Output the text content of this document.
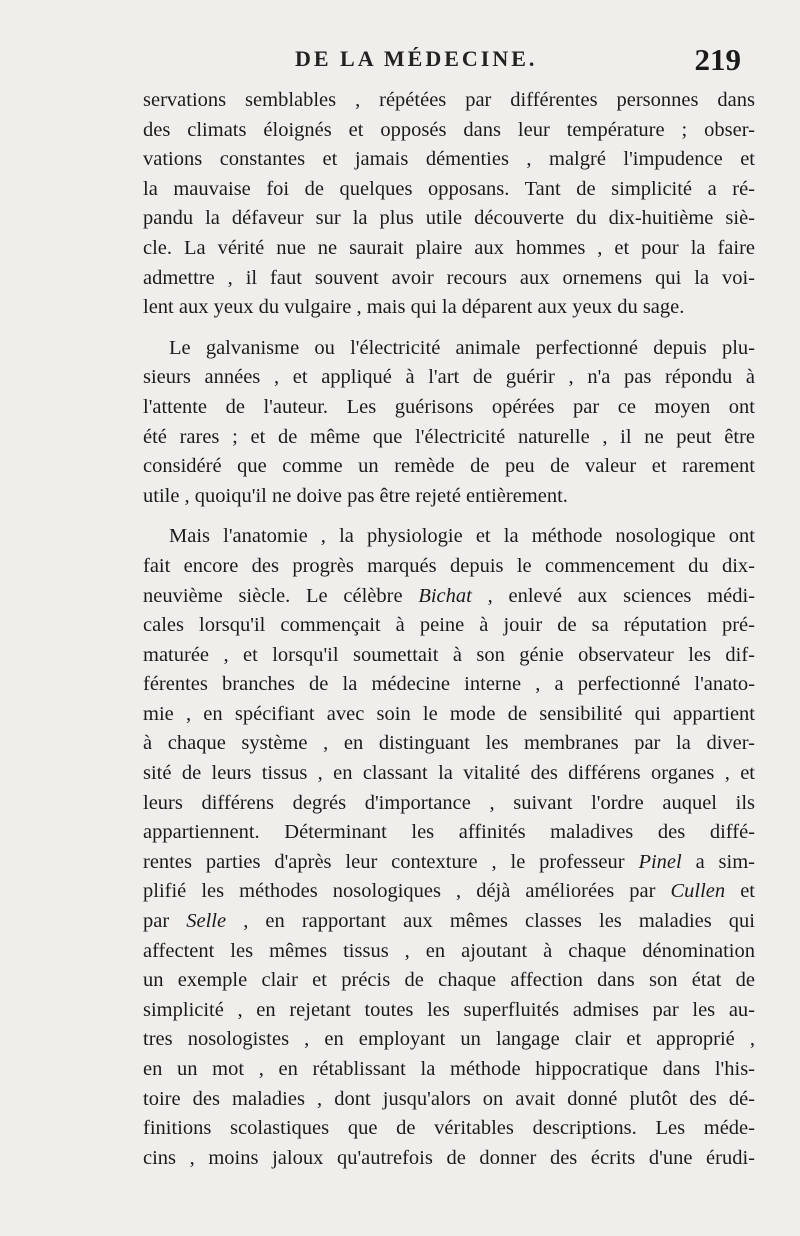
DE LA MÉDECINE.	219
servations semblables , répétées par différentes personnes dans
des climats éloignés et opposés dans leur température ; obser-
vations constantes et jamais démenties , malgré l'impudence et
la mauvaise foi de quelques opposans. Tant de simplicité a ré-
pandu la défaveur sur la plus utile découverte du dix-huitième siè-
cle. La vérité nue ne saurait plaire aux hommes , et pour la faire
admettre , il faut souvent avoir recours aux ornemens qui la voi-
lent aux yeux du vulgaire , mais qui la déparent aux yeux du sage.
Le galvanisme ou l'électricité animale perfectionné depuis plu-
sieurs années , et appliqué à l'art de guérir , n'a pas répondu à
l'attente de l'auteur. Les guérisons opérées par ce moyen ont
été rares ; et de même que l'électricité naturelle , il ne peut être
considéré que comme un remède de peu de valeur et rarement
utile , quoiqu'il ne doive pas être rejeté entièrement.
Mais l'anatomie , la physiologie et la méthode nosologique ont
fait encore des progrès marqués depuis le commencement du dix-
neuvième siècle. Le célèbre Bichat , enlevé aux sciences médi-
cales lorsqu'il commençait à peine à jouir de sa réputation pré-
maturée , et lorsqu'il soumettait à son génie observateur les dif-
férentes branches de la médecine interne , a perfectionné l'anato-
mie , en spécifiant avec soin le mode de sensibilité qui appartient
à chaque système , en distinguant les membranes par la diver-
sité de leurs tissus , en classant la vitalité des différens organes , et
leurs différens degrés d'importance , suivant l'ordre auquel ils
appartiennent. Déterminant les affinités maladives des diffé-
rentes parties d'après leur contexture , le professeur Pinel a sim-
plifié les méthodes nosologiques , déjà améliorées par Cullen et
par Selle , en rapportant aux mêmes classes les maladies qui
affectent les mêmes tissus , en ajoutant à chaque dénomination
un exemple clair et précis de chaque affection dans son état de
simplicité , en rejetant toutes les superfluités admises par les au-
tres nosologistes , en employant un langage clair et approprié ,
en un mot , en rétablissant la méthode hippocratique dans l'his-
toire des maladies , dont jusqu'alors on avait donné plutôt des dé-
finitions scolastiques que de véritables descriptions. Les méde-
cins , moins jaloux qu'autrefois de donner des écrits d'une érudi-
